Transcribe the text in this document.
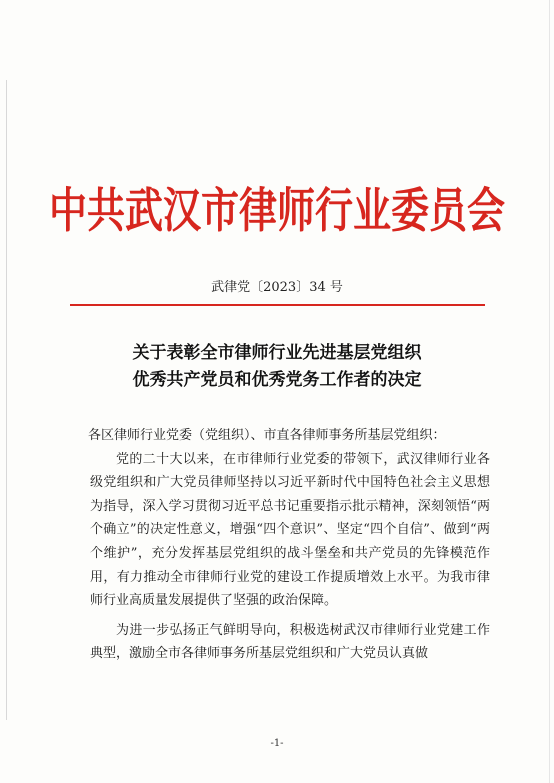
中共武汉市律师行业委员会
武律党〔2023〕34 号
关于表彰全市律师行业先进基层党组织
优秀共产党员和优秀党务工作者的决定

各区律师行业党委（党组织）、市直各律师事务所基层党组织：

党的二十大以来，在市律师行业党委的带领下，武汉律师行业各级党组织和广大党员律师坚持以习近平新时代中国特色社会主义思想为指导，深入学习贯彻习近平总书记重要指示批示精神，深刻领悟“两个确立”的决定性意义，增强“四个意识”、坚定“四个自信”、做到“两个维护”，充分发挥基层党组织的战斗堡垒和共产党员的先锋模范作用，有力推动全市律师行业党的建设工作提质增效上水平。为我市律师行业高质量发展提供了坚强的政治保障。

为进一步弘扬正气鲜明导向，积极选树武汉市律师行业党建工作典型，激励全市各律师事务所基层党组织和广大党员认真做

-1-
